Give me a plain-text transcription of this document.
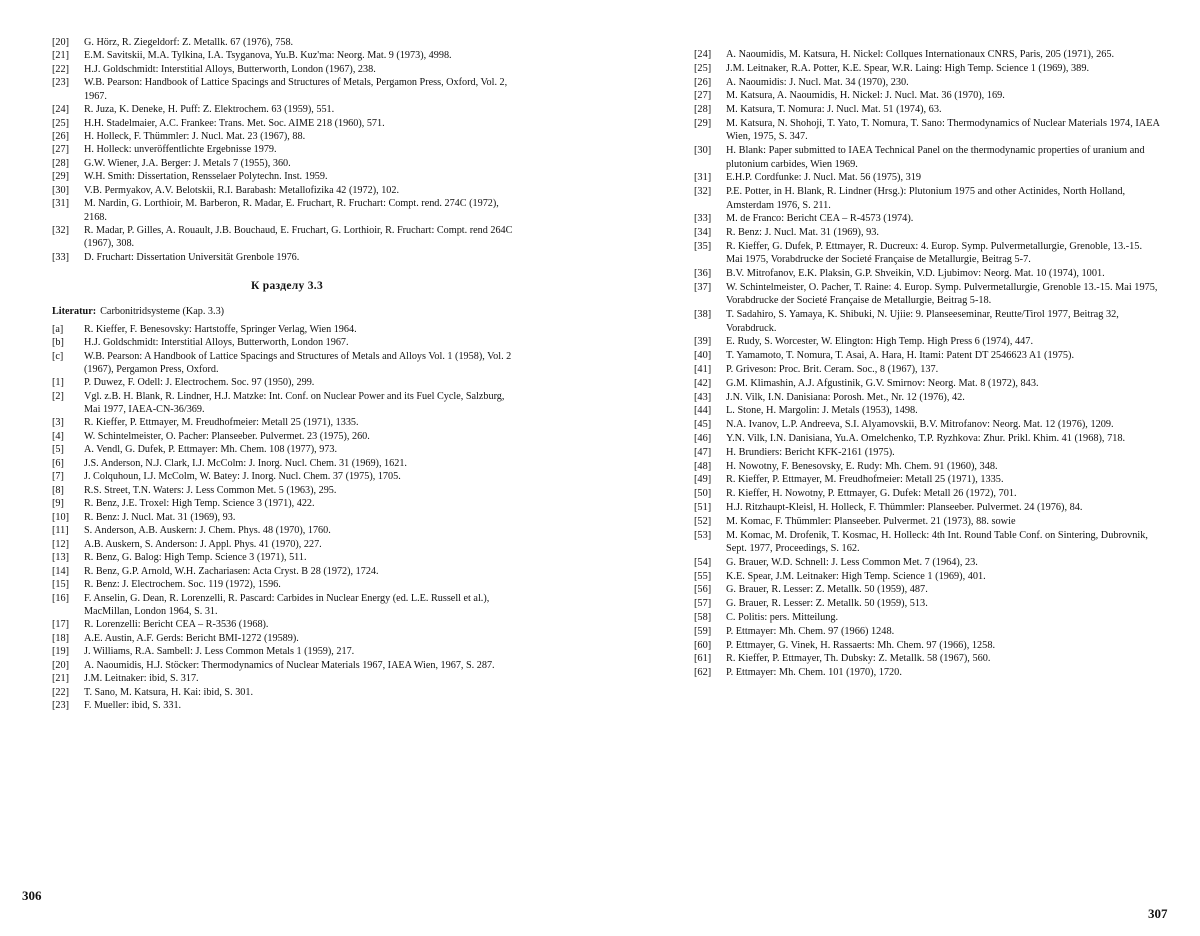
[20]	G. Hörz, R. Ziegeldorf: Z. Metallk. 67 (1976), 758.
[21]	E.M. Savitskii, M.A. Tylkina, I.A. Tsyganova, Yu.B. Kuz'ma: Neorg. Mat. 9 (1973), 4998.
[22]	H.J. Goldschmidt: Interstitial Alloys, Butterworth, London (1967), 238.
[23]	W.B. Pearson: Handbook of Lattice Spacings and Structures of Metals, Pergamon Press, Oxford, Vol. 2, 1967.
[24]	R. Juza, K. Deneke, H. Puff: Z. Elektrochem. 63 (1959), 551.
[25]	H.H. Stadelmaier, A.C. Frankee: Trans. Met. Soc. AIME 218 (1960), 571.
[26]	H. Holleck, F. Thümmler: J. Nucl. Mat. 23 (1967), 88.
[27]	H. Holleck: unveröffentlichte Ergebnisse 1979.
[28]	G.W. Wiener, J.A. Berger: J. Metals 7 (1955), 360.
[29]	W.H. Smith: Dissertation, Rensselaer Polytechn. Inst. 1959.
[30]	V.B. Permyakov, A.V. Belotskii, R.I. Barabash: Metallofizika 42 (1972), 102.
[31]	M. Nardin, G. Lorthioir, M. Barberon, R. Madar, E. Fruchart, R. Fruchart: Compt. rend. 274C (1972), 2168.
[32]	R. Madar, P. Gilles, A. Rouault, J.B. Bouchaud, E. Fruchart, G. Lorthioir, R. Fruchart: Compt. rend 264C (1967), 308.
[33]	D. Fruchart: Dissertation Universität Grenbole 1976.
К разделу 3.3
Literatur: Carbonitridsysteme (Kap. 3.3)
[a]	R. Kieffer, F. Benesovsky: Hartstoffe, Springer Verlag, Wien 1964.
[b]	H.J. Goldschmidt: Interstitial Alloys, Butterworth, London 1967.
[c]	W.B. Pearson: A Handbook of Lattice Spacings and Structures of Metals and Alloys Vol. 1 (1958), Vol. 2 (1967), Pergamon Press, Oxford.
[1]	P. Duwez, F. Odell: J. Electrochem. Soc. 97 (1950), 299.
[2]	Vgl. z.B. H. Blank, R. Lindner, H.J. Matzke: Int. Conf. on Nuclear Power and its Fuel Cycle, Salzburg, Mai 1977, IAEA-CN-36/369.
[3]	R. Kieffer, P. Ettmayer, M. Freudhofmeier: Metall 25 (1971), 1335.
[4]	W. Schintelmeister, O. Pacher: Planseeber. Pulvermet. 23 (1975), 260.
[5]	A. Vendl, G. Dufek, P. Ettmayer: Mh. Chem. 108 (1977), 973.
[6]	J.S. Anderson, N.J. Clark, I.J. McColm: J. Inorg. Nucl. Chem. 31 (1969), 1621.
[7]	J. Colquhoun, I.J. McColm, W. Batey: J. Inorg. Nucl. Chem. 37 (1975), 1705.
[8]	R.S. Street, T.N. Waters: J. Less Common Met. 5 (1963), 295.
[9]	R. Benz, J.E. Troxel: High Temp. Science 3 (1971), 422.
[10]	R. Benz: J. Nucl. Mat. 31 (1969), 93.
[11]	S. Anderson, A.B. Auskern: J. Chem. Phys. 48 (1970), 1760.
[12]	A.B. Auskern, S. Anderson: J. Appl. Phys. 41 (1970), 227.
[13]	R. Benz, G. Balog: High Temp. Science 3 (1971), 511.
[14]	R. Benz, G.P. Arnold, W.H. Zachariasen: Acta Cryst. B 28 (1972), 1724.
[15]	R. Benz: J. Electrochem. Soc. 119 (1972), 1596.
[16]	F. Anselin, G. Dean, R. Lorenzelli, R. Pascard: Carbides in Nuclear Energy (ed. L.E. Russell et al.), MacMillan, London 1964, S. 31.
[17]	R. Lorenzelli: Bericht CEA – R-3536 (1968).
[18]	A.E. Austin, A.F. Gerds: Bericht BMI-1272 (19589).
[19]	J. Williams, R.A. Sambell: J. Less Common Metals 1 (1959), 217.
[20]	A. Naoumidis, H.J. Stöcker: Thermodynamics of Nuclear Materials 1967, IAEA Wien, 1967, S. 287.
[21]	J.M. Leitnaker: ibid, S. 317.
[22]	T. Sano, M. Katsura, H. Kai: ibid, S. 301.
[23]	F. Mueller: ibid, S. 331.
306
[24]	A. Naoumidis, M. Katsura, H. Nickel: Collques Internationaux CNRS, Paris, 205 (1971), 265.
[25]	J.M. Leitnaker, R.A. Potter, K.E. Spear, W.R. Laing: High Temp. Science 1 (1969), 389.
[26]	A. Naoumidis: J. Nucl. Mat. 34 (1970), 230.
[27]	M. Katsura, A. Naoumidis, H. Nickel: J. Nucl. Mat. 36 (1970), 169.
[28]	M. Katsura, T. Nomura: J. Nucl. Mat. 51 (1974), 63.
[29]	M. Katsura, N. Shohoji, T. Yato, T. Nomura, T. Sano: Thermodynamics of Nuclear Materials 1974, IAEA Wien, 1975, S. 347.
[30]	H. Blank: Paper submitted to IAEA Technical Panel on the thermodynamic properties of uranium and plutonium carbides, Wien 1969.
[31]	E.H.P. Cordfunke: J. Nucl. Mat. 56 (1975), 319
[32]	P.E. Potter, in H. Blank, R. Lindner (Hrsg.): Plutonium 1975 and other Actinides, North Holland, Amsterdam 1976, S. 211.
[33]	M. de Franco: Bericht CEA – R-4573 (1974).
[34]	R. Benz: J. Nucl. Mat. 31 (1969), 93.
[35]	R. Kieffer, G. Dufek, P. Ettmayer, R. Ducreux: 4. Europ. Symp. Pulvermetallurgie, Grenoble, 13.-15. Mai 1975, Vorabdrucke der Societé Française de Metallurgie, Beitrag 5-7.
[36]	B.V. Mitrofanov, E.K. Plaksin, G.P. Shveikin, V.D. Ljubimov: Neorg. Mat. 10 (1974), 1001.
[37]	W. Schintelmeister, O. Pacher, T. Raine: 4. Europ. Symp. Pulvermetallurgie, Grenoble 13.-15. Mai 1975, Vorabdrucke der Societé Française de Metallurgie, Beitrag 5-18.
[38]	T. Sadahiro, S. Yamaya, K. Shibuki, N. Ujiie: 9. Planseeseminar, Reutte/Tirol 1977, Beitrag 32, Vorabdruck.
[39]	E. Rudy, S. Worcester, W. Elington: High Temp. High Press 6 (1974), 447.
[40]	T. Yamamoto, T. Nomura, T. Asai, A. Hara, H. Itami: Patent DT 2546623 A1 (1975).
[41]	P. Griveson: Proc. Brit. Ceram. Soc., 8 (1967), 137.
[42]	G.M. Klimashin, A.J. Afgustinik, G.V. Smirnov: Neorg. Mat. 8 (1972), 843.
[43]	J.N. Vilk, I.N. Danisiana: Porosh. Met., Nr. 12 (1976), 42.
[44]	L. Stone, H. Margolin: J. Metals (1953), 1498.
[45]	N.A. Ivanov, L.P. Andreeva, S.I. Alyamovskii, B.V. Mitrofanov: Neorg. Mat. 12 (1976), 1209.
[46]	Y.N. Vilk, I.N. Danisiana, Yu.A. Omelchenko, T.P. Ryzhkova: Zhur. Prikl. Khim. 41 (1968), 718.
[47]	H. Brundiers: Bericht KFK-2161 (1975).
[48]	H. Nowotny, F. Benesovsky, E. Rudy: Mh. Chem. 91 (1960), 348.
[49]	R. Kieffer, P. Ettmayer, M. Freudhofmeier: Metall 25 (1971), 1335.
[50]	R. Kieffer, H. Nowotny, P. Ettmayer, G. Dufek: Metall 26 (1972), 701.
[51]	H.J. Ritzhaupt-Kleisl, H. Holleck, F. Thümmler: Planseeber. Pulvermet. 24 (1976), 84.
[52]	M. Komac, F. Thümmler: Planseeber. Pulvermet. 21 (1973), 88. sowie
[53]	M. Komac, M. Drofenik, T. Kosmac, H. Holleck: 4th Int. Round Table Conf. on Sintering, Dubrovnik, Sept. 1977, Proceedings, S. 162.
[54]	G. Brauer, W.D. Schnell: J. Less Common Met. 7 (1964), 23.
[55]	K.E. Spear, J.M. Leitnaker: High Temp. Science 1 (1969), 401.
[56]	G. Brauer, R. Lesser: Z. Metallk. 50 (1959), 487.
[57]	G. Brauer, R. Lesser: Z. Metallk. 50 (1959), 513.
[58]	C. Politis: pers. Mitteilung.
[59]	P. Ettmayer: Mh. Chem. 97 (1966) 1248.
[60]	P. Ettmayer, G. Vinek, H. Rassaerts: Mh. Chem. 97 (1966), 1258.
[61]	R. Kieffer, P. Ettmayer, Th. Dubsky: Z. Metallk. 58 (1967), 560.
[62]	P. Ettmayer: Mh. Chem. 101 (1970), 1720.
307
